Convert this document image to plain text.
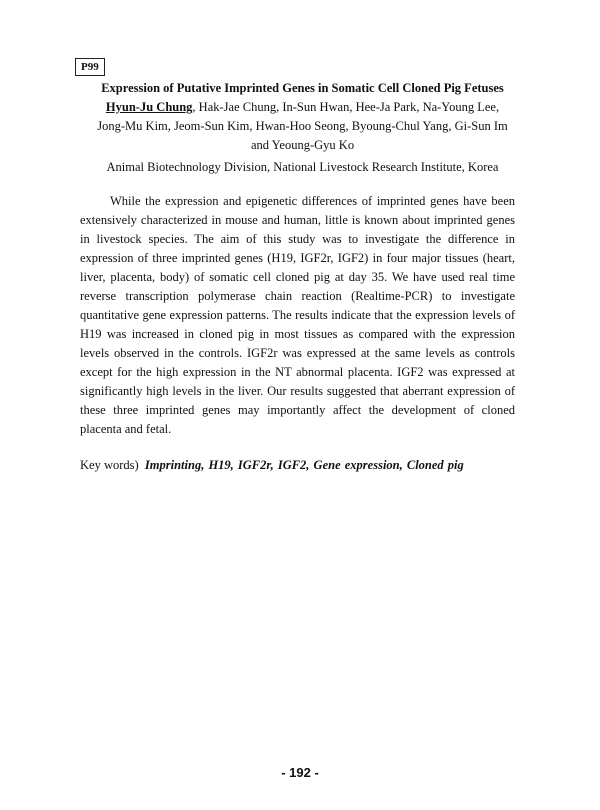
P99
Expression of Putative Imprinted Genes in Somatic Cell Cloned Pig Fetuses
Hyun-Ju Chung, Hak-Jae Chung, In-Sun Hwan, Hee-Ja Park, Na-Young Lee,
Jong-Mu Kim, Jeom-Sun Kim, Hwan-Hoo Seong, Byoung-Chul Yang, Gi-Sun Im
and Yeoung-Gyu Ko
Animal Biotechnology Division, National Livestock Research Institute, Korea

While the expression and epigenetic differences of imprinted genes have been extensively characterized in mouse and human, little is known about imprinted genes in livestock species. The aim of this study was to investigate the difference in expression of three imprinted genes (H19, IGF2r, IGF2) in four major tissues (heart, liver, placenta, body) of somatic cell cloned pig at day 35. We have used real time reverse transcription polymerase chain reaction (Realtime-PCR) to investigate quantitative gene expression patterns. The results indicate that the expression levels of H19 was increased in cloned pig in most tissues as compared with the expression levels observed in the controls. IGF2r was expressed at the same levels as controls except for the high expression in the NT abnormal placenta. IGF2 was expressed at significantly high levels in the liver. Our results suggested that aberrant expression of these three imprinted genes may importantly affect the development of cloned placenta and fetal.

Key words) Imprinting, H19, IGF2r, IGF2, Gene expression, Cloned pig
- 192 -
